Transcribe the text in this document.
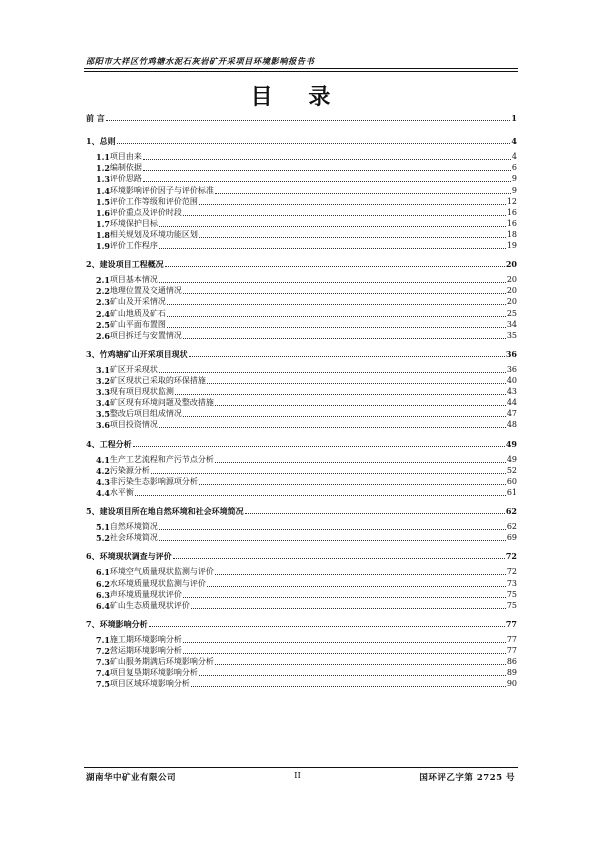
邵阳市大祥区竹鸡塘水泥石灰岩矿开采项目环境影响报告书
目 录
前 言	1
1、总则	4
1.1 项目由来	4
1.2 编制依据	6
1.3 评价思路	9
1.4 环境影响评价因子与评价标准	9
1.5 评价工作等级和评价范围	12
1.6 评价重点及评价时段	16
1.7 环境保护目标	16
1.8 相关规划及环境功能区划	18
1.9 评价工作程序	19
2、建设项目工程概况	20
2.1 项目基本情况	20
2.2 地理位置及交通情况	20
2.3 矿山及开采情况	20
2.4 矿山地质及矿石	25
2.5 矿山平面布置图	34
2.6 项目拆迁与安置情况	35
3、竹鸡塘矿山开采项目现状	36
3.1 矿区开采现状	36
3.2 矿区现状已采取的环保措施	40
3.3 现有项目现状监测	43
3.4 矿区现有环境问题及整改措施	44
3.5 整改后项目组成情况	47
3.6 项目投资情况	48
4、工程分析	49
4.1 生产工艺流程和产污节点分析	49
4.2 污染源分析	52
4.3 非污染生态影响源项分析	60
4.4 水平衡	61
5、建设项目所在地自然环境和社会环境简况	62
5.1 自然环境简况	62
5.2 社会环境简况	69
6、环境现状调查与评价	72
6.1 环境空气质量现状监测与评价	72
6.2 水环境质量现状监测与评价	73
6.3 声环境质量现状评价	75
6.4 矿山生态质量现状评价	75
7、环境影响分析	77
7.1 施工期环境影响分析	77
7.2 营运期环境影响分析	77
7.3 矿山服务期满后环境影响分析	86
7.4 项目复垦期环境影响分析	89
7.5 项目区域环境影响分析	90
湖南华中矿业有限公司	II	国环评乙字第 2725 号
